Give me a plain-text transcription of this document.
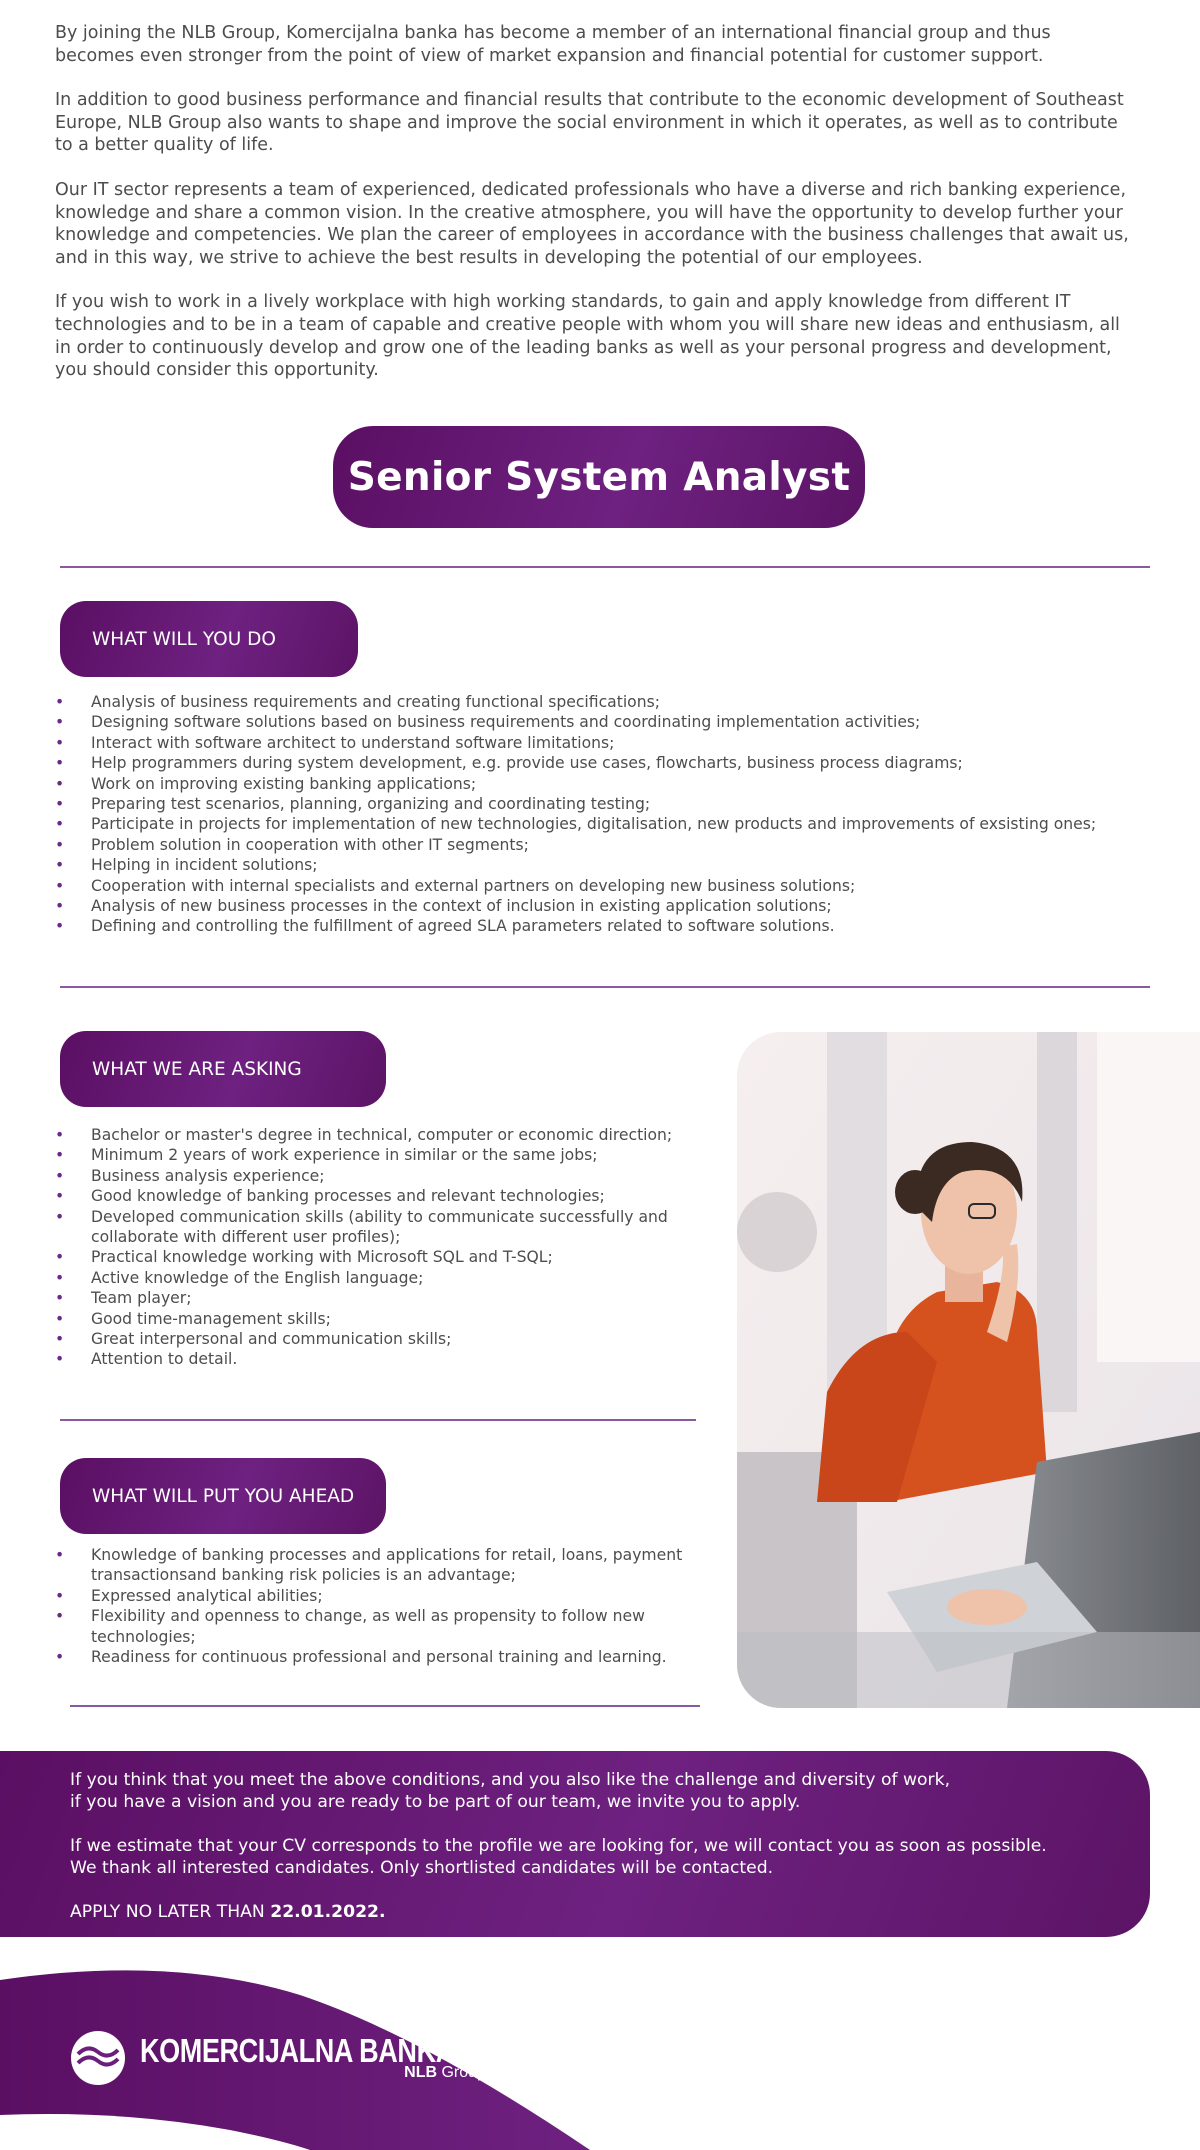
By joining the NLB Group, Komercijalna banka has become a member of an international financial group and thus becomes even stronger from the point of view of market expansion and financial potential for customer support.

In addition to good business performance and financial results that contribute to the economic development of Southeast Europe, NLB Group also wants to shape and improve the social environment in which it operates, as well as to contribute to a better quality of life.

Our IT sector represents a team of experienced, dedicated professionals who have a diverse and rich banking experience, knowledge and share a common vision. In the creative atmosphere, you will have the opportunity to develop further your knowledge and competencies. We plan the career of employees in accordance with the business challenges that await us, and in this way, we strive to achieve the best results in developing the potential of our employees.

If you wish to work in a lively workplace with high working standards, to gain and apply knowledge from different IT technologies and to be in a team of capable and creative people with whom you will share new ideas and enthusiasm, all in order to continuously develop and grow one of the leading banks as well as your personal progress and development, you should consider this opportunity.

Senior System Analyst
WHAT WILL YOU DO
• Analysis of business requirements and creating functional specifications;
• Designing software solutions based on business requirements and coordinating implementation activities;
• Interact with software architect to understand software limitations;
• Help programmers during system development, e.g. provide use cases, flowcharts, business process diagrams;
• Work on improving existing banking applications;
• Preparing test scenarios, planning, organizing and coordinating testing;
• Participate in projects for implementation of new technologies, digitalisation, new products and improvements of exsisting ones;
• Problem solution in cooperation with other IT segments;
• Helping in incident solutions;
• Cooperation with internal specialists and external partners on developing new business solutions;
• Analysis of new business processes in the context of inclusion in existing application solutions;
• Defining and controlling the fulfillment of agreed SLA parameters related to software solutions.
WHAT WE ARE ASKING
• Bachelor or master's degree in technical, computer or economic direction;
• Minimum 2 years of work experience in similar or the same jobs;
• Business analysis experience;
• Good knowledge of banking processes and relevant technologies;
• Developed communication skills (ability to communicate successfully and collaborate with different user profiles);
• Practical knowledge working with Microsoft SQL and T-SQL;
• Active knowledge of the English language;
• Team player;
• Good time-management skills;
• Great interpersonal and communication skills;
• Attention to detail.
WHAT WILL PUT YOU AHEAD
• Knowledge of banking processes and applications for retail, loans, payment transactionsand banking risk policies is an advantage;
• Expressed analytical abilities;
• Flexibility and openness to change, as well as propensity to follow new technologies;
• Readiness for continuous professional and personal training and learning.

If you think that you meet the above conditions, and you also like the challenge and diversity of work,
if you have a vision and you are ready to be part of our team, we invite you to apply.

If we estimate that your CV corresponds to the profile we are looking for, we will contact you as soon as possible.
We thank all interested candidates. Only shortlisted candidates will be contacted.

APPLY NO LATER THAN 22.01.2022.

KOMERCIJALNA BANKA
NLB Group
